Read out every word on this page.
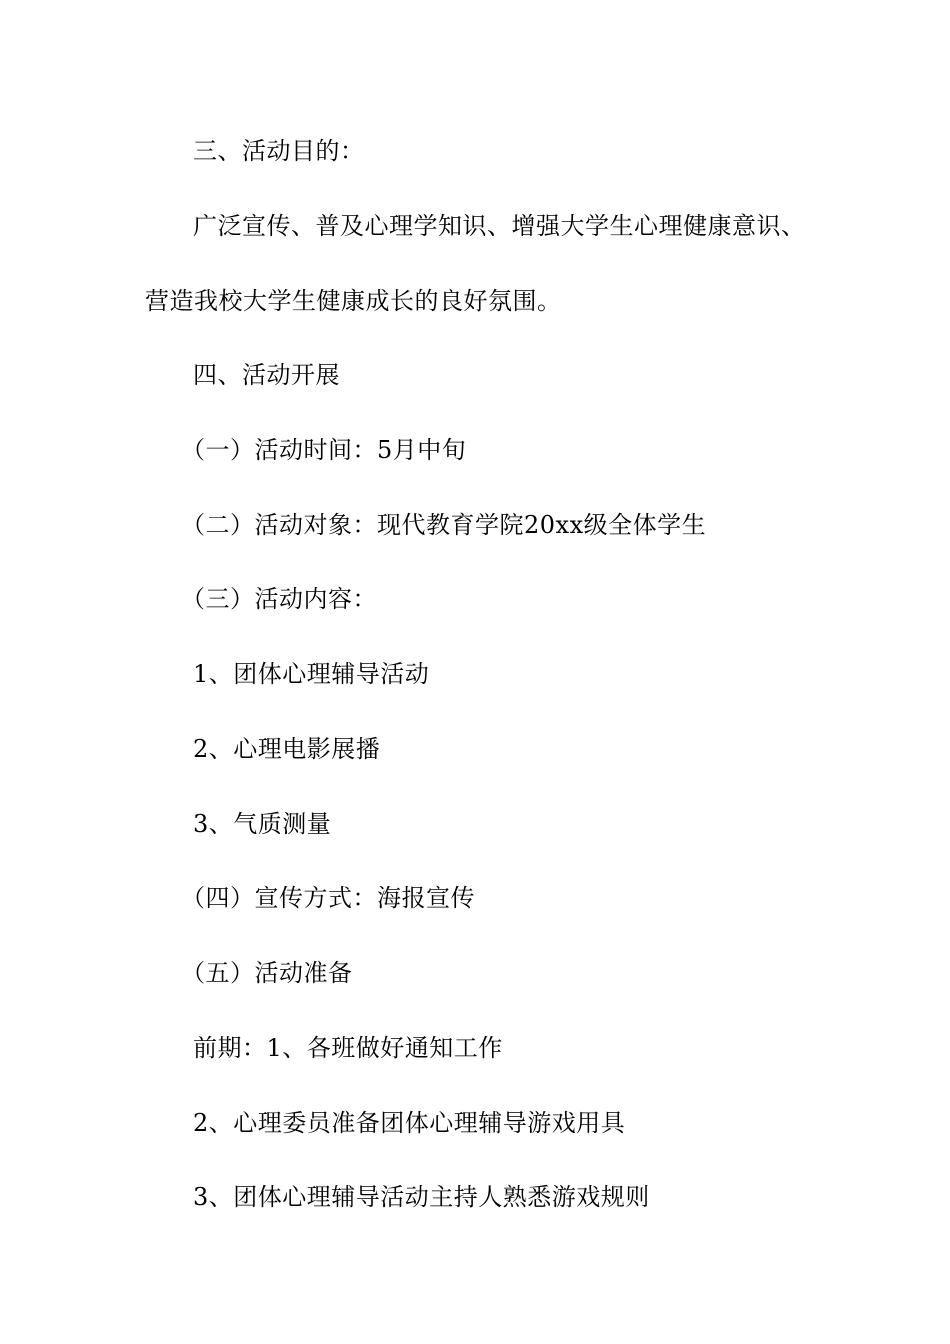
三、活动目的：
广泛宣传、普及心理学知识、增强大学生心理健康意识、
营造我校大学生健康成长的良好氛围。
四、活动开展
（一）活动时间：5月中旬
（二）活动对象：现代教育学院20xx级全体学生
（三）活动内容：
1、团体心理辅导活动
2、心理电影展播
3、气质测量
（四）宣传方式：海报宣传
（五）活动准备
前期：1、各班做好通知工作
2、心理委员准备团体心理辅导游戏用具
3、团体心理辅导活动主持人熟悉游戏规则
